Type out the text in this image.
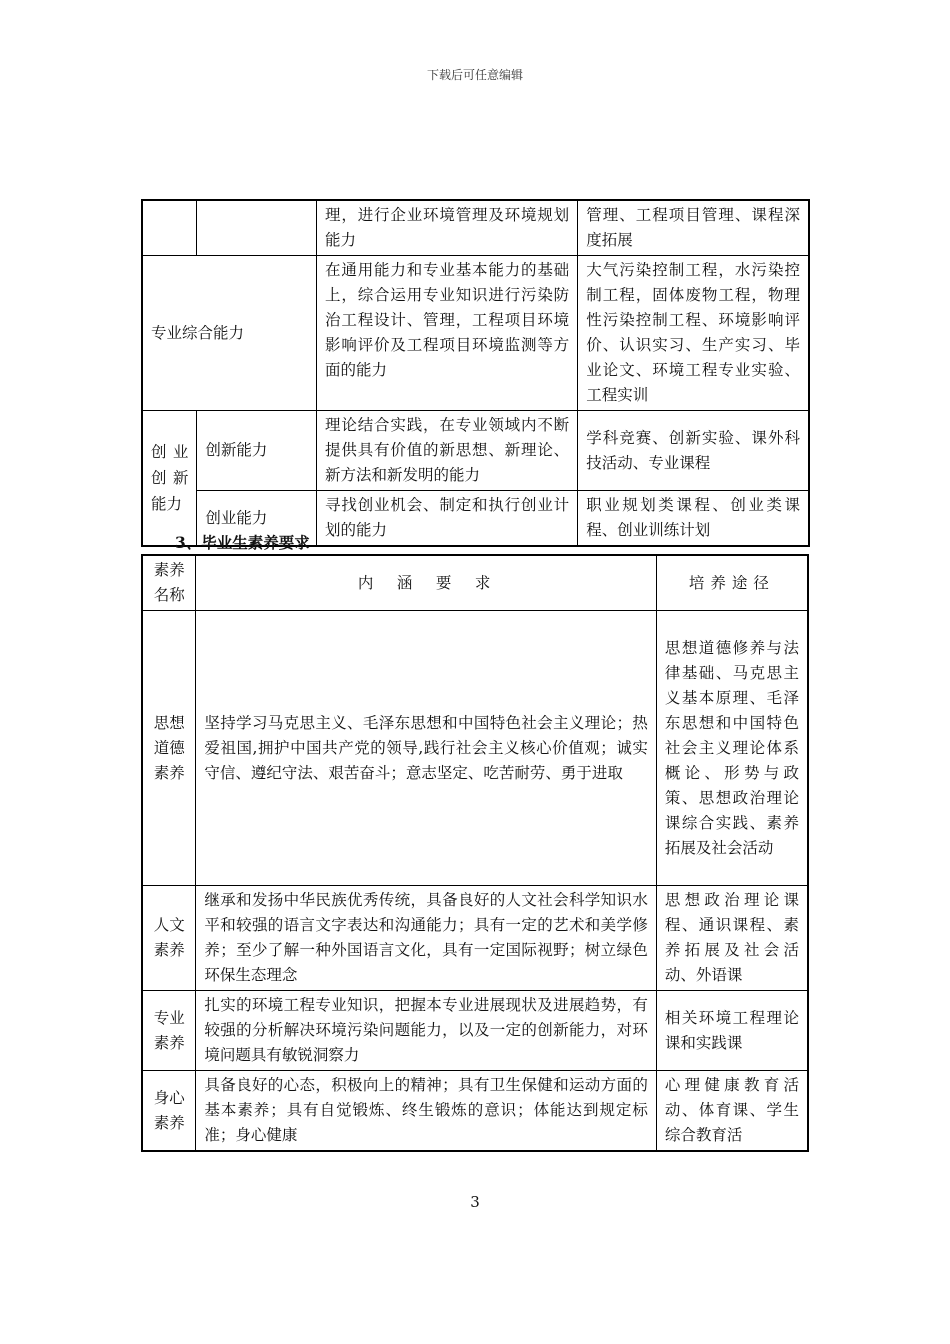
下载后可任意编辑
		理，进行企业环境管理及环境规划能力	管理、工程项目管理、课程深度拓展
专业综合能力		在通用能力和专业基本能力的基础上，综合运用专业知识进行污染防治工程设计、管理，工程项目环境影响评价及工程项目环境监测等方面的能力	大气污染控制工程，水污染控制工程，固体废物工程，物理性污染控制工程、环境影响评价、认识实习、生产实习、毕业论文、环境工程专业实验、工程实训
创 业 创新 能力	创新能力	理论结合实践，在专业领域内不断提供具有价值的新思想、新理论、新方法和新发明的能力	学科竞赛、创新实验、课外科技活动、专业课程
	创业能力	寻找创业机会、制定和执行创业计划的能力	职业规划类课程、创业类课程、创业训练计划
3、毕业生素养要求
素养名称	内　涵　要　求	培养途径
思想道德素养	坚持学习马克思主义、毛泽东思想和中国特色社会主义理论；热爱祖国,拥护中国共产党的领导,践行社会主义核心价值观；诚实守信、遵纪守法、艰苦奋斗；意志坚定、吃苦耐劳、勇于进取	思想道德修养与法律基础、马克思主义基本原理、毛泽东思想和中国特色社会主义理论体系概论、形势与政策、思想政治理论课综合实践、素养拓展及社会活动
人文素养	继承和发扬中华民族优秀传统，具备良好的人文社会科学知识水平和较强的语言文字表达和沟通能力；具有一定的艺术和美学修养；至少了解一种外国语言文化，具有一定国际视野；树立绿色环保生态理念	思想政治理论课程、通识课程、素养拓展及社会活动、外语课
专业素养	扎实的环境工程专业知识，把握本专业进展现状及进展趋势，有较强的分析解决环境污染问题能力，以及一定的创新能力，对环境问题具有敏锐洞察力	相关环境工程理论课和实践课
身心素养	具备良好的心态，积极向上的精神；具有卫生保健和运动方面的基本素养；具有自觉锻炼、终生锻炼的意识；体能达到规定标准；身心健康	心理健康教育活动、体育课、学生综合教育活
3
